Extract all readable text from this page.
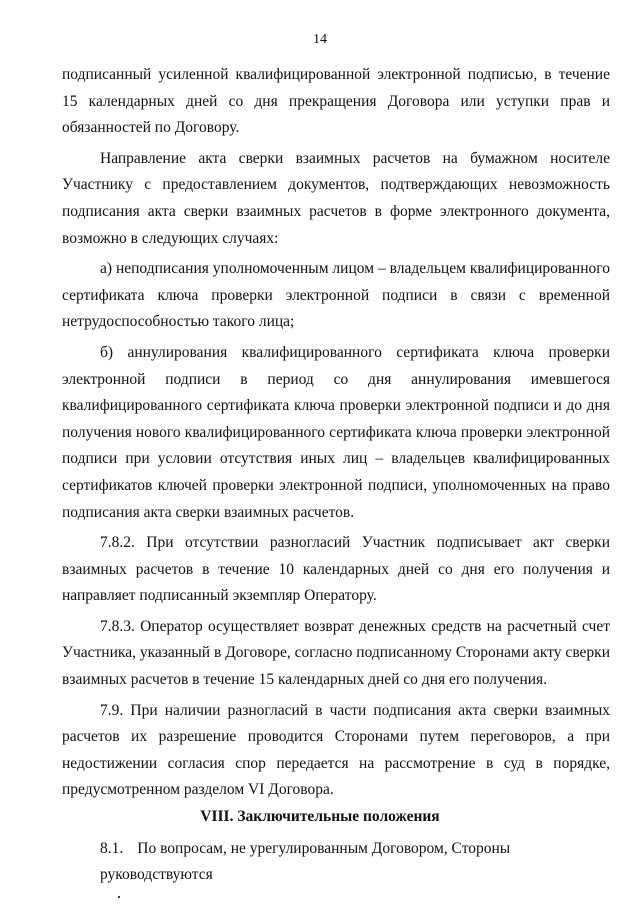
14

подписанный усиленной квалифицированной электронной подписью, в течение 15 календарных дней со дня прекращения Договора или уступки прав и обязанностей по Договору.

Направление акта сверки взаимных расчетов на бумажном носителе Участнику с предоставлением документов, подтверждающих невозможность подписания акта сверки взаимных расчетов в форме электронного документа, возможно в следующих случаях:

а) неподписания уполномоченным лицом – владельцем квалифицированного сертификата ключа проверки электронной подписи в связи с временной нетрудоспособностью такого лица;

б) аннулирования квалифицированного сертификата ключа проверки электронной подписи в период со дня аннулирования имевшегося квалифицированного сертификата ключа проверки электронной подписи и до дня получения нового квалифицированного сертификата ключа проверки электронной подписи при условии отсутствия иных лиц – владельцев квалифицированных сертификатов ключей проверки электронной подписи, уполномоченных на право подписания акта сверки взаимных расчетов.

7.8.2. При отсутствии разногласий Участник подписывает акт сверки взаимных расчетов в течение 10 календарных дней со дня его получения и направляет подписанный экземпляр Оператору.

7.8.3. Оператор осуществляет возврат денежных средств на расчетный счет Участника, указанный в Договоре, согласно подписанному Сторонами акту сверки взаимных расчетов в течение 15 календарных дней со дня его получения.

7.9. При наличии разногласий в части подписания акта сверки взаимных расчетов их разрешение проводится Сторонами путем переговоров, а при недостижении согласия спор передается на рассмотрение в суд в порядке, предусмотренном разделом VI Договора.

VIII. Заключительные положения
8.1. По вопросам, не урегулированным Договором, Стороны руководствуются
